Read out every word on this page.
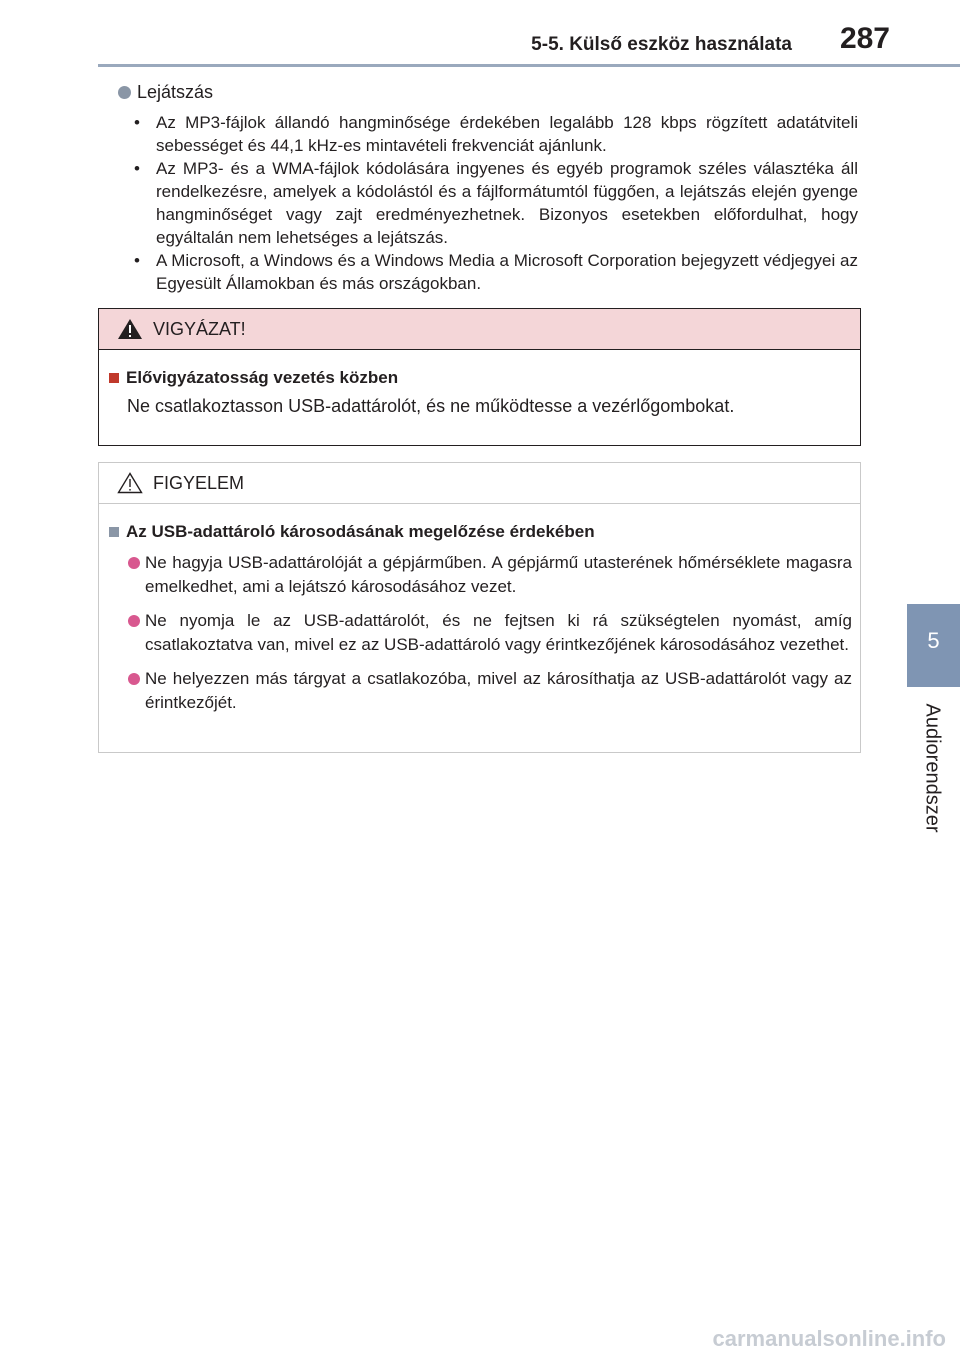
5-5. Külső eszköz használata 287
5
Audiorendszer
Lejátszás
• Az MP3-fájlok állandó hangminősége érdekében legalább 128 kbps rögzített adatátviteli sebességet és 44,1 kHz-es mintavételi frekvenciát ajánlunk.
• Az MP3- és a WMA-fájlok kódolására ingyenes és egyéb programok széles választéka áll rendelkezésre, amelyek a kódolástól és a fájlformátumtól függően, a lejátszás elején gyenge hangminőséget vagy zajt eredményezhetnek. Bizonyos esetekben előfordulhat, hogy egyáltalán nem lehetséges a lejátszás.
• A Microsoft, a Windows és a Windows Media a Microsoft Corporation bejegyzett védjegyei az Egyesült Államokban és más országokban.
VIGYÁZAT!
Elővigyázatosság vezetés közben
Ne csatlakoztasson USB-adattárolót, és ne működtesse a vezérlőgombokat.
FIGYELEM
Az USB-adattároló károsodásának megelőzése érdekében
Ne hagyja USB-adattárolóját a gépjárműben. A gépjármű utasterének hőmérséklete magasra emelkedhet, ami a lejátszó károsodásához vezet.
Ne nyomja le az USB-adattárolót, és ne fejtsen ki rá szükségtelen nyomást, amíg csatlakoztatva van, mivel ez az USB-adattároló vagy érintkezőjének károsodásához vezethet.
Ne helyezzen más tárgyat a csatlakozóba, mivel az károsíthatja az USB-adattárolót vagy az érintkezőjét.
carmanualsonline.info
